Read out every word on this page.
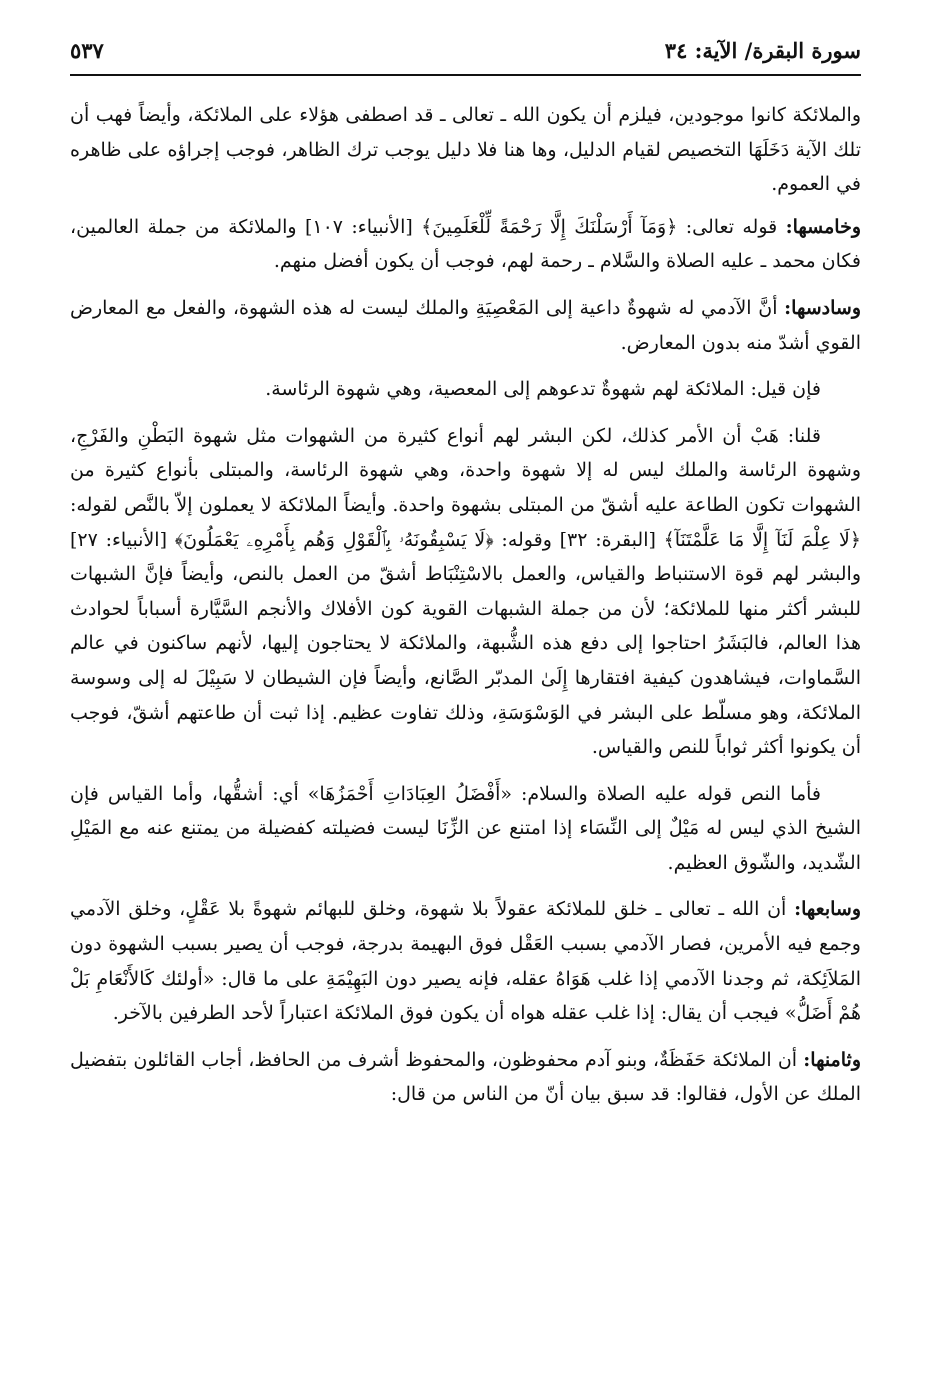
سورة البقرة/ الآية: ٣٤
٥٣٧

والملائكة كانوا موجودين، فيلزم أن يكون الله ـ تعالى ـ قد اصطفى هؤلاء على الملائكة، وأيضاً فهب أن تلك الآية دَخَلَهَا التخصيص لقيام الدليل، وها هنا فلا دليل يوجب ترك الظاهر، فوجب إجراؤه على ظاهره في العموم.

وخامسها: قوله تعالى: ﴿وَمَآ أَرْسَلْنَكَ إِلَّا رَحْمَةً لِّلْعَلَمِينَ﴾ [الأنبياء: ١٠٧] والملائكة من جملة العالمين، فكان محمد ـ عليه الصلاة والسَّلام ـ رحمة لهم، فوجب أن يكون أفضل منهم.

وسادسها: أنَّ الآدمي له شهوةٌ داعية إلى المَعْصِيَةِ والملك ليست له هذه الشهوة، والفعل مع المعارض القوي أشدّ منه بدون المعارض.

فإن قيل: الملائكة لهم شهوةٌ تدعوهم إلى المعصية، وهي شهوة الرئاسة.

قلنا: هَبْ أن الأمر كذلك، لكن البشر لهم أنواع كثيرة من الشهوات مثل شهوة البَطْنِ والفَرْجِ، وشهوة الرئاسة والملك ليس له إلا شهوة واحدة، وهي شهوة الرئاسة، والمبتلى بأنواع كثيرة من الشهوات تكون الطاعة عليه أشقّ من المبتلى بشهوة واحدة. وأيضاً الملائكة لا يعملون إلاّ بالنَّص لقوله: ﴿لَا عِلْمَ لَنَآ إِلَّا مَا عَلَّمْتَنَآ﴾ [البقرة: ٣٢] وقوله: ﴿لَا يَسْبِقُونَهُۥ بِٱلْقَوْلِ وَهُم بِأَمْرِهِۦ يَعْمَلُونَ﴾ [الأنبياء: ٢٧] والبشر لهم قوة الاستنباط والقياس، والعمل بالاسْتِنْبَاط أشقّ من العمل بالنص، وأيضاً فإنَّ الشبهات للبشر أكثر منها للملائكة؛ لأن من جملة الشبهات القوية كون الأفلاك والأنجم السَّيَّارة أسباباً لحوادث هذا العالم، فالبَشَرُ احتاجوا إلى دفع هذه الشُّبهة، والملائكة لا يحتاجون إليها، لأنهم ساكنون في عالم السَّماوات، فيشاهدون كيفية افتقارها إِلَىٰ المدبّر الصَّانع، وأيضاً فإن الشيطان لا سَبِيْلَ له إلى وسوسة الملائكة، وهو مسلّط على البشر في الوَسْوَسَةِ، وذلك تفاوت عظيم. إذا ثبت أن طاعتهم أشقّ، فوجب أن يكونوا أكثر ثواباً للنص والقياس.

فأما النص قوله عليه الصلاة والسلام: «أَفْضَلُ العِبَادَاتِ أَحْمَزُهَا» أي: أشقُّها، وأما القياس فإن الشيخ الذي ليس له مَيْلٌ إلى النِّسَاء إذا امتنع عن الزِّنَا ليست فضيلته كفضيلة من يمتنع عنه مع المَيْلِ الشّديد، والشّوق العظيم.

وسابعها: أن الله ـ تعالى ـ خلق للملائكة عقولاً بلا شهوة، وخلق للبهائم شهوةً بلا عَقْلٍ، وخلق الآدمي وجمع فيه الأمرين، فصار الآدمي بسبب العَقْل فوق البهيمة بدرجة، فوجب أن يصير بسبب الشهوة دون المَلاَئِكة، ثم وجدنا الآدمي إذا غلب هَوَاهُ عقله، فإنه يصير دون البَهِيْمَةِ على ما قال: «أولئك كَالأَنْعَامِ بَلْ هُمْ أَضَلُّ» فيجب أن يقال: إذا غلب عقله هواه أن يكون فوق الملائكة اعتباراً لأحد الطرفين بالآخر.

وثامنها: أن الملائكة حَفَظَةٌ، وبنو آدم محفوظون، والمحفوظ أشرف من الحافظ، أجاب القائلون بتفضيل الملك عن الأول، فقالوا: قد سبق بيان أنّ من الناس من قال:
